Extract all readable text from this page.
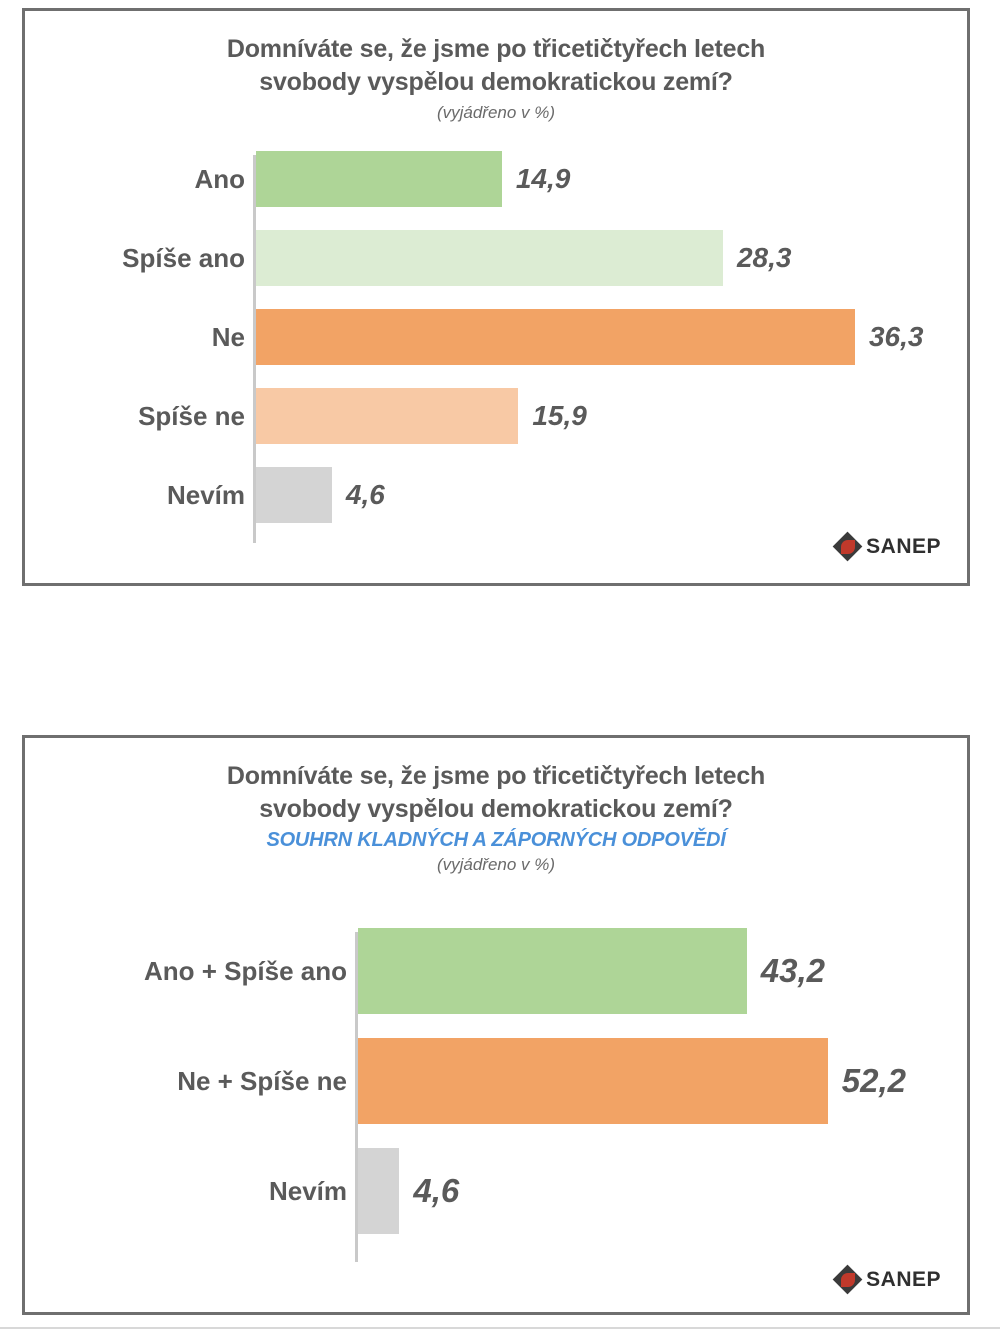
Domníváte se, že jsme po třicetičtyřech letech
svobody vyspělou demokratickou zemí?
(vyjádřeno v %)
Ano	14,9
Spíše ano	28,3
Ne	36,3
Spíše ne	15,9
Nevím	4,6
SANEP
Domníváte se, že jsme po třicetičtyřech letech
svobody vyspělou demokratickou zemí?
SOUHRN KLADNÝCH A ZÁPORNÝCH ODPOVĚDÍ
(vyjádřeno v %)
Ano + Spíše ano	43,2
Ne + Spíše ne	52,2
Nevím 4,6
SANEP
